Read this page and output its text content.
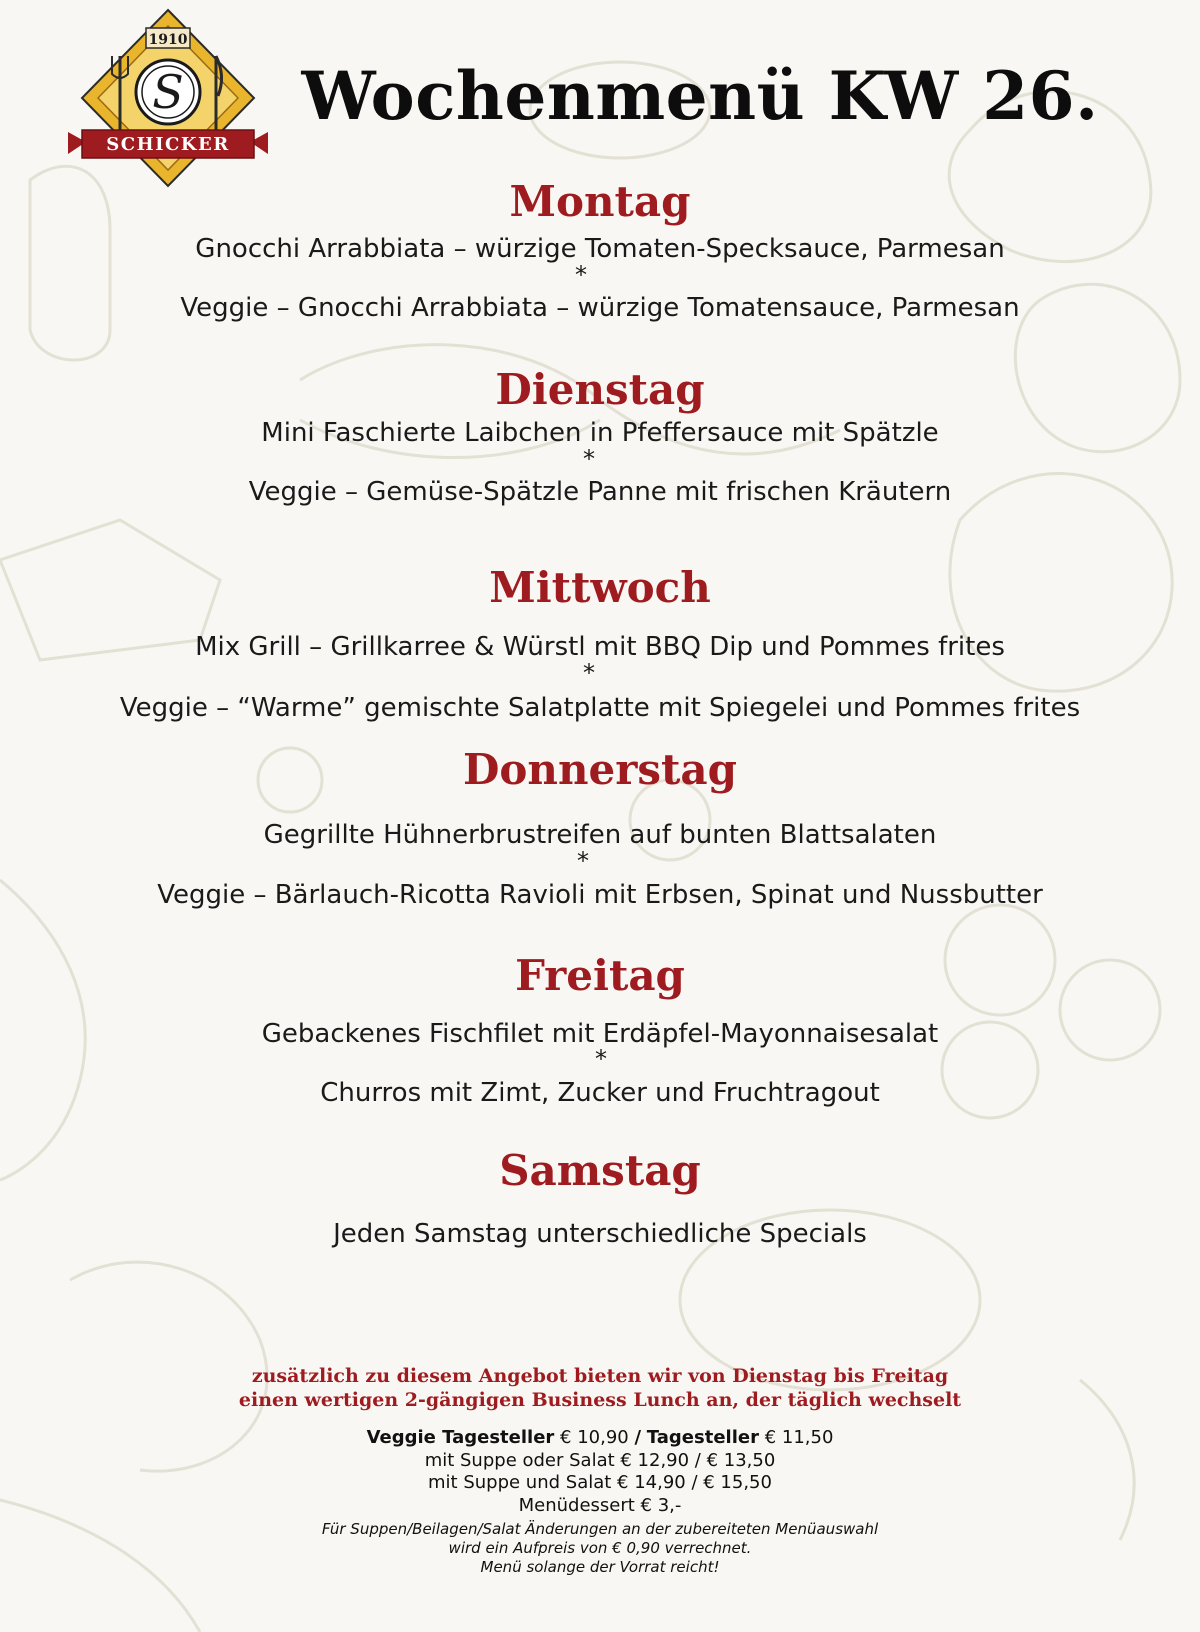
1910
S
SCHICKER
Wochenmenü KW 26.
Montag
Gnocchi Arrabbiata – würzige Tomaten-Specksauce, Parmesan
*
Veggie – Gnocchi Arrabbiata – würzige Tomatensauce, Parmesan
Dienstag
Mini Faschierte Laibchen in Pfeffersauce mit Spätzle
*
Veggie – Gemüse-Spätzle Panne mit frischen Kräutern
Mittwoch
Mix Grill – Grillkarree & Würstl mit BBQ Dip und Pommes frites
*
Veggie – “Warme” gemischte Salatplatte mit Spiegelei und Pommes frites
Donnerstag
Gegrillte Hühnerbrustreifen auf bunten Blattsalaten
*
Veggie – Bärlauch-Ricotta Ravioli mit Erbsen, Spinat und Nussbutter
Freitag
Gebackenes Fischfilet mit Erdäpfel-Mayonnaisesalat
*
Churros mit Zimt, Zucker und Fruchtragout
Samstag
Jeden Samstag unterschiedliche Specials
zusätzlich zu diesem Angebot bieten wir von Dienstag bis Freitag
einen wertigen 2-gängigen Business Lunch an, der täglich wechselt
Veggie Tagesteller € 10,90 / Tagesteller € 11,50
mit Suppe oder Salat € 12,90 / € 13,50
mit Suppe und Salat € 14,90 / € 15,50
Menüdessert € 3,-
Für Suppen/Beilagen/Salat Änderungen an der zubereiteten Menüauswahl
wird ein Aufpreis von € 0,90 verrechnet.
Menü solange der Vorrat reicht!
